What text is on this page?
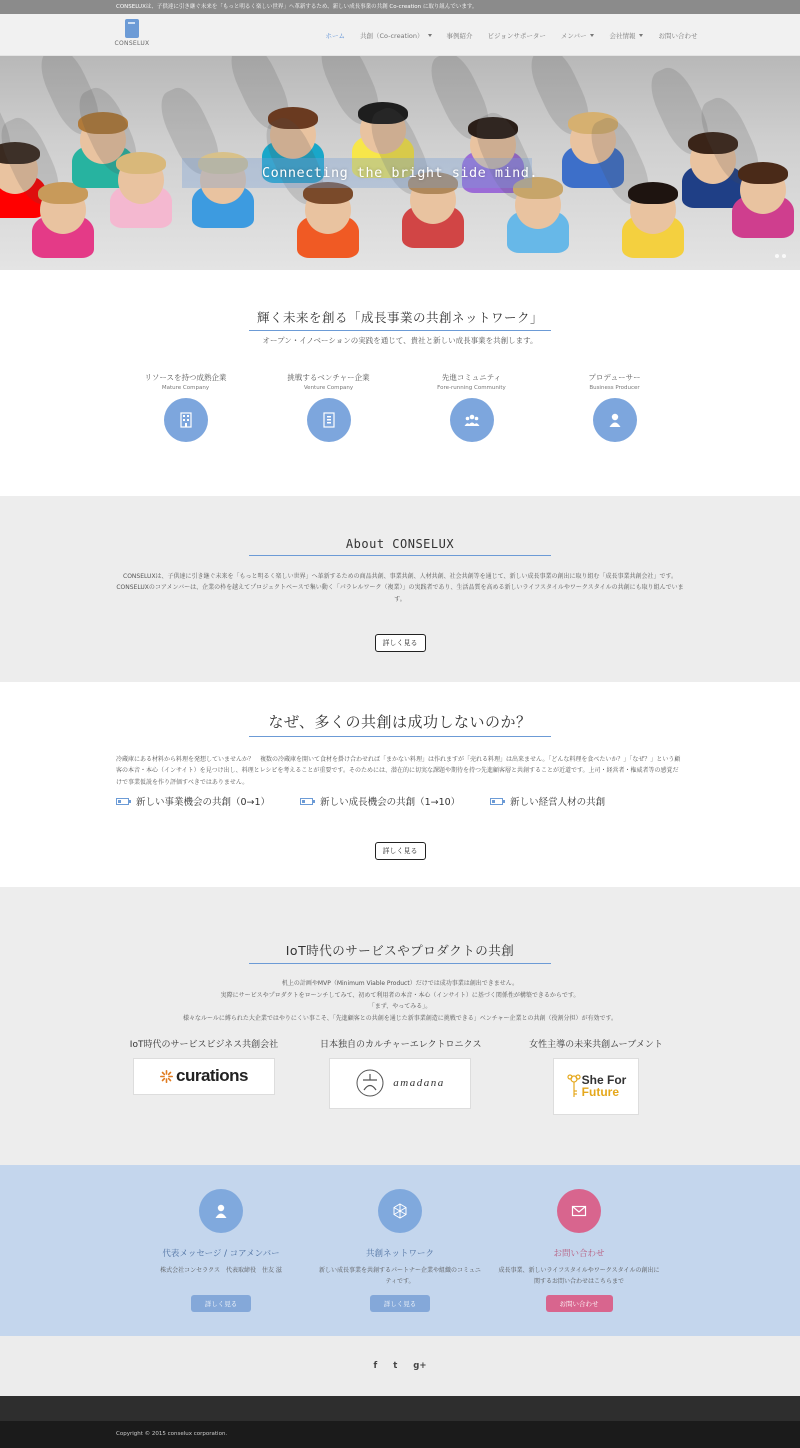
CONSELUXは、子供達に引き継ぐ未来を「もっと明るく楽しい世界」へ革新するため、新しい成長事業の共創 Co-creation に取り組んでいます。
CONSELUX
ホーム	共創（Co-creation）	事例紹介	ビジョンサポーター	メンバー	会社情報	お問い合わせ
Connecting the bright side mind.
輝く未来を創る「成長事業の共創ネットワーク」
オープン・イノベーションの実践を通じて、貴社と新しい成長事業を共創します。
リソースを持つ成熟企業
Mature Company
挑戦するベンチャー企業
Venture Company
先進コミュニティ
Fore-running Community
プロデューサー
Business Producer
About CONSELUX
CONSELUXは、子供達に引き継ぐ未来を「もっと明るく楽しい世界」へ革新するための商品共創、事業共創、人材共創、社会共創等を通じて、新しい成長事業の創出に取り組む「成長事業共創会社」です。CONSELUXのコアメンバーは、企業の枠を越えてプロジェクトベースで集い動く「パラレルワーク（複業）」の実践者であり、生活品質を高める新しいライフスタイルやワークスタイルの共創にも取り組んでいます。
詳しく見る
なぜ、多くの共創は成功しないのか？
冷蔵庫にある材料から料理を発想していませんか？　複数の冷蔵庫を開いて食材を掛け合わせれば「まかない料理」は作れますが「売れる料理」は出来ません。「どんな料理を食べたいか？」「なぜ？」という顧客の本音・本心（インサイト）を見つけ出し、料理とレシピを考えることが重要です。そのためには、潜在的に切実な課題や期待を持つ先進顧客層と共創することが近道です。上司・経営者・権威者等の感覚だけで事業仮説を作り評価すべきではありません。
新しい事業機会の共創（0→1）	新しい成長機会の共創（1→10）	新しい経営人材の共創
詳しく見る
IoT時代のサービスやプロダクトの共創
机上の計画やMVP（Minimum Viable Product）だけでは成功事業は創出できません。
実際にサービスやプロダクトをローンチしてみて、初めて利用者の本音・本心（インサイト）に基づく関係性が構築できるからです。
「まず、やってみる」。
様々なルールに縛られた大企業ではやりにくい事こそ、「先進顧客との共創を通じた新事業創造に挑戦できる」ベンチャー企業との共創（役割分担）が有効です。
IoT時代のサービスビジネス共創会社
curations
日本独自のカルチャーエレクトロニクス
amadana
女性主導の未来共創ムーブメント
She For
Future
代表メッセージ / コアメンバー
株式会社コンセラクス　代表取締役　住友 滋
詳しく見る
共創ネットワーク
新しい成長事業を共創するパートナー企業や組織のコミュニティです。
詳しく見る
お問い合わせ
成長事業、新しいライフスタイルやワークスタイルの創出に関するお問い合わせはこちらまで
お問い合わせ
f t g+
Copyright © 2015 conselux corporation.
